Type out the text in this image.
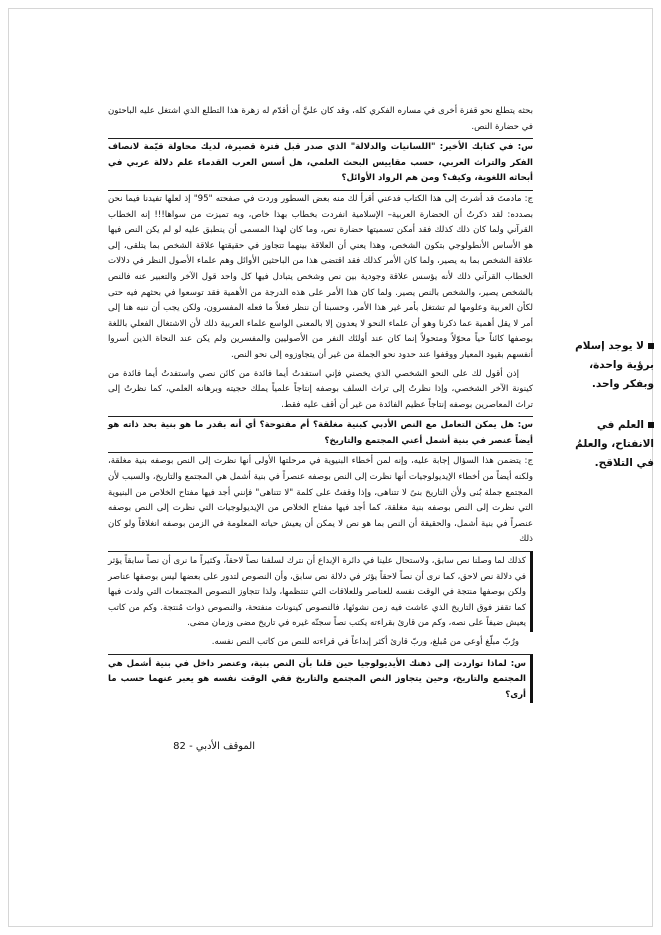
بحثه يتطلع نحو قفزة أخرى في مساره الفكري كله، وقد كان عليَّ أن أقدّم له زهرة هذا التطلع الذي اشتغل عليه الباحثون في حضارة النص.

س: في كتابك الأخير: "اللسانيات والدلالة" الذي صدر قبل فترة قصيرة، لديك محاولة قيّمة لانصاف الفكر والتراث العربي، حسب مقاييس البحث العلمي، هل أسس العرب القدماء علم دلالة عربي في أبحاثه اللغوية، وكيف؟ ومن هم الرواد الأوائل؟

ج: مادمتَ قد أشرتَ إلى هذا الكتاب فدعني أقرأ لك منه بعض السطور وردت في صفحته "95" إذ لعلها تفيدنا فيما نحن بصدده: لقد ذكرتُ أن الحضارة العربية– الإسلامية انفردت بخطاب بهذا خاص، وبه تميزت من سواها!!! إنه الخطاب القرآني ولما كان ذلك كذلك فقد أمكن تسميتها حضارة نص، وما كان لهذا المسمى أن ينطبق عليه لو لم يكن النص فيها هو الأساس الأنطولوجي بتكون الشخص، وهذا يعني أن العلاقة بينهما تتجاوز في حقيقتها علاقة الشخص بما يتلقى، إلى علاقة الشخص بما به يصير، ولما كان الأمر كذلك فقد اقتضى هذا من الباحثين الأوائل وهم علماء الأصول النظر في دلالات الخطاب القرآني ذلك لأنه يؤسس علاقة وجودية بين نص وشخص يتبادل فيها كل واحد قول الآخر والتعبير عنه فالنص بالشخص يصير، والشخص بالنص يصير. ولما كان هذا الأمر على هذه الدرجة من الأهمية فقد توسعوا في بحثهم فيه حتى لكأن العربية وعلومها لم تشتغل بأمر غير هذا الأمر، وحسبنا أن ننظر فعلاً ما فعله المفسرون، ولكن يجب أن ننبه هنا إلى أمر لا يقل أهمية عما ذكرنا وهو أن علماء النحو لا يعدون إلا بالمعنى الواسع علماء العربية ذلك لأن الاشتغال الفعلي باللغة بوصفها كائناً حياً محوّلاً ومتحولاً إنما كان عند أولئك النفر من الأصوليين والمفسرين ولم يكن عند النحاة الذين أسروا أنفسهم بقيود المعيار ووقفوا عند حدود نحو الجملة من غير أن يتجاوزوه إلى نحو النص.

إذن أقول لك على النحو الشخصي الذي يخصني فإني استفدتُ أيما فائدة من كائن نصي واستفدتُ أيما فائدة من كينونة الآخر الشخصي، وإذا نظرتُ إلى تراث السلف بوصفه إنتاجاً علمياً يملك حجيته وبرهانه العلمي، كما نظرتُ إلى تراث المعاصرين بوصفه إنتاجاً عظيم الفائدة من غير أن أقف عليه فقط.

س: هل يمكن التعامل مع النص الأدبي كبنية مغلقة؟ أم مفتوحة؟ أي أنه بقدر ما هو بنية بحد ذاته هو أيضاً عنصر في بنية أشمل أعني المجتمع والتاريخ؟

ج: يتضمن هذا السؤال إجابة عليه، وإنه لمن أخطاء البنيوية في مرحلتها الأولى أنها نظرت إلى النص بوصفه بنية مغلقة، ولكنه أيضاً من أخطاء الإيديولوجيات أنها نظرت إلى النص بوصفه عنصراً في بنية أشمل هي المجتمع والتاريخ، والسبب لأن المجتمع جملة بُنى ولأن التاريخ بنىً لا تتناهى، وإذا وقفتُ على كلمة "لا تتناهى" فإنني أجد فيها مفتاح الخلاص من البنيوية التي نظرت إلى النص بوصفه بنية مغلقة، كما أجد فيها مفتاح الخلاص من الإيديولوجيات التي نظرت إلى النص بوصفه عنصراً في بنية أشمل، والحقيقة أن النص بما هو نص لا يمكن أن يعيش حياته المعلومة في الزمن بوصفه انغلاقاً ولو كان ذلك

كذلك لما وصلنا نص سابق، ولاستحال علينا في دائرة الإبداع أن نترك لسلفنا نصاً لاحقاً، وكثيراً ما نرى أن نصاً سابقاً يؤثر في دلالة نص لاحق، كما نرى أن نصاً لاحقاً يؤثر في دلالة نص سابق، وأن النصوص لتدور على بعضها ليس بوصفها عناصر ولكن بوصفها منتجة في الوقت نفسه للعناصر وللعلاقات التي تنتظمها، ولذا تتجاوز النصوص المجتمعات التي ولدت فيها كما تقفز فوق التاريخ الذي عاشت فيه زمن نشوئها، فالنصوص كينونات منفتحة، والنصوص ذوات مُنتجة. وكم من كاتب يعيش ضيفاً على نصه، وكم من قارئ بقراءته يكتب نصاً سجنّه غيره في تاريخ مضى وزمان مضى.

ورُبّ مبلّغ أوعى من مُبلغ، وربّ قارئ أكثر إبداعاً في قراءته للنص من كاتب النص نفسه.

س: لماذا تواردت إلى ذهنك الأيديولوجيا حين قلنا بأن النص بنية، وعنصر داخل في بنية أشمل هي المجتمع والتاريخ، وحين يتجاوز النص المجتمع والتاريخ ففي الوقت نفسه هو يعبر عنهما حسب ما أرى؟

لا يوجد إسلام برؤية واحدة، وبفكر واحد.
العلم في الانفتاح، والعلمُ في التلاقح.
الموقف الأدبي - 82
